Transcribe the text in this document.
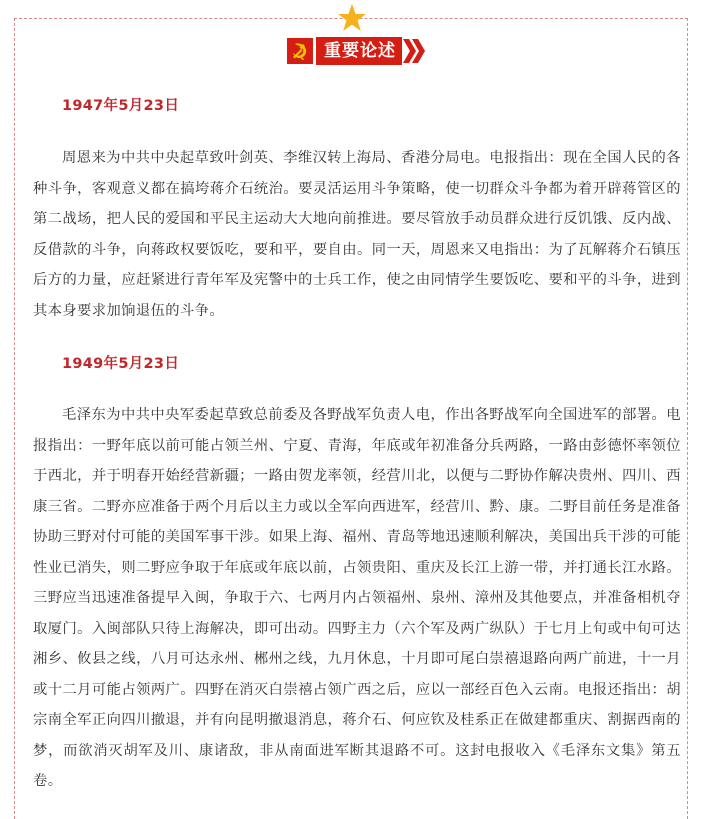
重要论述
1947年5月23日
周恩来为中共中央起草致叶剑英、李维汉转上海局、香港分局电。电报指出：现在全国人民的各种斗争，客观意义都在搞垮蒋介石统治。要灵活运用斗争策略，使一切群众斗争都为着开辟蒋管区的第二战场，把人民的爱国和平民主运动大大地向前推进。要尽管放手动员群众进行反饥饿、反内战、反借款的斗争，向蒋政权要饭吃，要和平，要自由。同一天，周恩来又电指出：为了瓦解蒋介石镇压后方的力量，应赶紧进行青年军及宪警中的士兵工作，使之由同情学生要饭吃、要和平的斗争，进到其本身要求加饷退伍的斗争。
1949年5月23日
毛泽东为中共中央军委起草致总前委及各野战军负责人电，作出各野战军向全国进军的部署。电报指出：一野年底以前可能占领兰州、宁夏、青海，年底或年初准备分兵两路，一路由彭德怀率领位于西北，并于明春开始经营新疆；一路由贺龙率领，经营川北，以便与二野协作解决贵州、四川、西康三省。二野亦应准备于两个月后以主力或以全军向西进军，经营川、黔、康。二野目前任务是准备协助三野对付可能的美国军事干涉。如果上海、福州、青岛等地迅速顺利解决，美国出兵干涉的可能性业已消失，则二野应争取于年底或年底以前，占领贵阳、重庆及长江上游一带，并打通长江水路。三野应当迅速准备提早入闽，争取于六、七两月内占领福州、泉州、漳州及其他要点，并准备相机夺取厦门。入闽部队只待上海解决，即可出动。四野主力（六个军及两广纵队）于七月上旬或中旬可达湘乡、攸县之线，八月可达永州、郴州之线，九月休息，十月即可尾白崇禧退路向两广前进，十一月或十二月可能占领两广。四野在消灭白崇禧占领广西之后，应以一部经百色入云南。电报还指出：胡宗南全军正向四川撤退，并有向昆明撤退消息，蒋介石、何应钦及桂系正在做建都重庆、割据西南的梦，而欲消灭胡军及川、康诸敌，非从南面进军断其退路不可。这封电报收入《毛泽东文集》第五卷。
